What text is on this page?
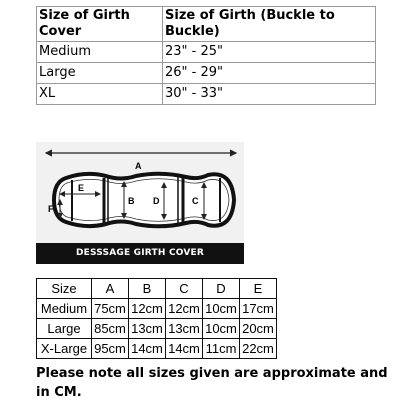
Size of Girth Cover	Size of Girth (Buckle to Buckle)
Medium	23" - 25"
Large	26" - 29"
XL	30" - 33"
A
E
F
B D	C
DESSSAGE GIRTH COVER
Size	A	B	C	D	E
Medium	75cm	12cm	12cm	10cm	17cm
Large	85cm	13cm	13cm	10cm	20cm
X-Large	95cm	14cm	14cm	11cm	22cm
Please note all sizes given are approximate and in CM.
